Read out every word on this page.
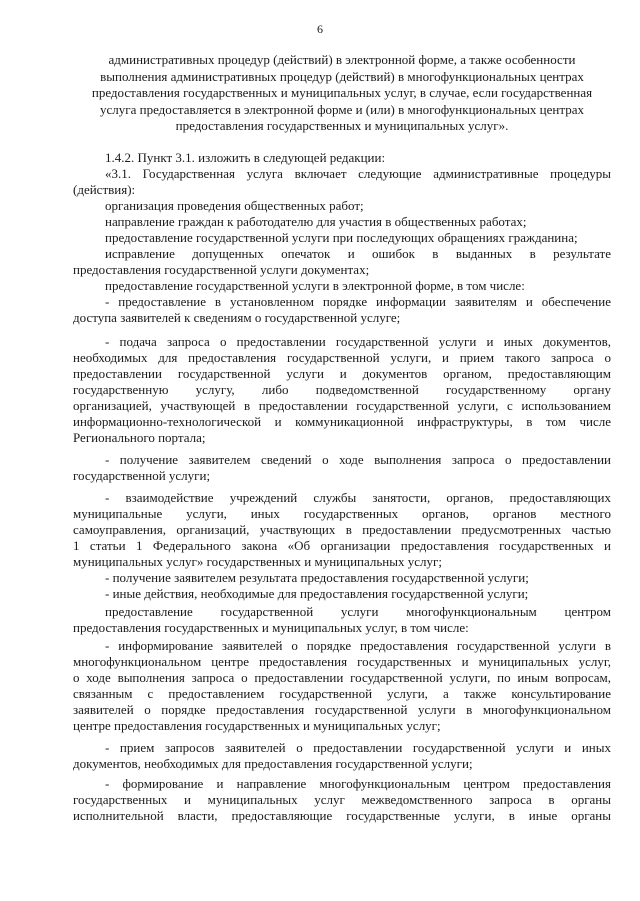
6
административных процедур (действий) в электронной форме, а также особенности
выполнения административных процедур (действий) в многофункциональных центрах
предоставления государственных и муниципальных услуг, в случае, если государственная
услуга предоставляется в электронной форме и (или) в многофункциональных центрах
предоставления государственных и муниципальных услуг».
1.4.2. Пункт 3.1. изложить в следующей редакции:
«3.1. Государственная услуга включает следующие административные процедуры
(действия):
организация проведения общественных работ;
направление граждан к работодателю для участия в общественных работах;
предоставление государственной услуги при последующих обращениях гражданина;
исправление допущенных опечаток и ошибок в выданных в результате
предоставления государственной услуги документах;
предоставление государственной услуги в электронной форме, в том числе:
- предоставление в установленном порядке информации заявителям и обеспечение
доступа заявителей к сведениям о государственной услуге;
- подача запроса о предоставлении государственной услуги и иных документов,
необходимых для предоставления государственной услуги, и прием такого запроса о
предоставлении государственной услуги и документов органом, предоставляющим
государственную услугу, либо подведомственной государственному органу
организацией, участвующей в предоставлении государственной услуги, с использованием
информационно-технологической и коммуникационной инфраструктуры, в том числе
Регионального портала;
- получение заявителем сведений о ходе выполнения запроса о предоставлении
государственной услуги;
- взаимодействие учреждений службы занятости, органов, предоставляющих
муниципальные услуги, иных государственных органов, органов местного
самоуправления, организаций, участвующих в предоставлении предусмотренных частью
1 статьи 1 Федерального закона «Об организации предоставления государственных и
муниципальных услуг» государственных и муниципальных услуг;
- получение заявителем результата предоставления государственной услуги;
- иные действия, необходимые для предоставления государственной услуги;
предоставление государственной услуги многофункциональным центром
предоставления государственных и муниципальных услуг, в том числе:
- информирование заявителей о порядке предоставления государственной услуги в
многофункциональном центре предоставления государственных и муниципальных услуг,
о ходе выполнения запроса о предоставлении государственной услуги, по иным вопросам,
связанным с предоставлением государственной услуги, а также консультирование
заявителей о порядке предоставления государственной услуги в многофункциональном
центре предоставления государственных и муниципальных услуг;
- прием запросов заявителей о предоставлении государственной услуги и иных
документов, необходимых для предоставления государственной услуги;
- формирование и направление многофункциональным центром предоставления
государственных и муниципальных услуг межведомственного запроса в органы
исполнительной власти, предоставляющие государственные услуги, в иные органы
